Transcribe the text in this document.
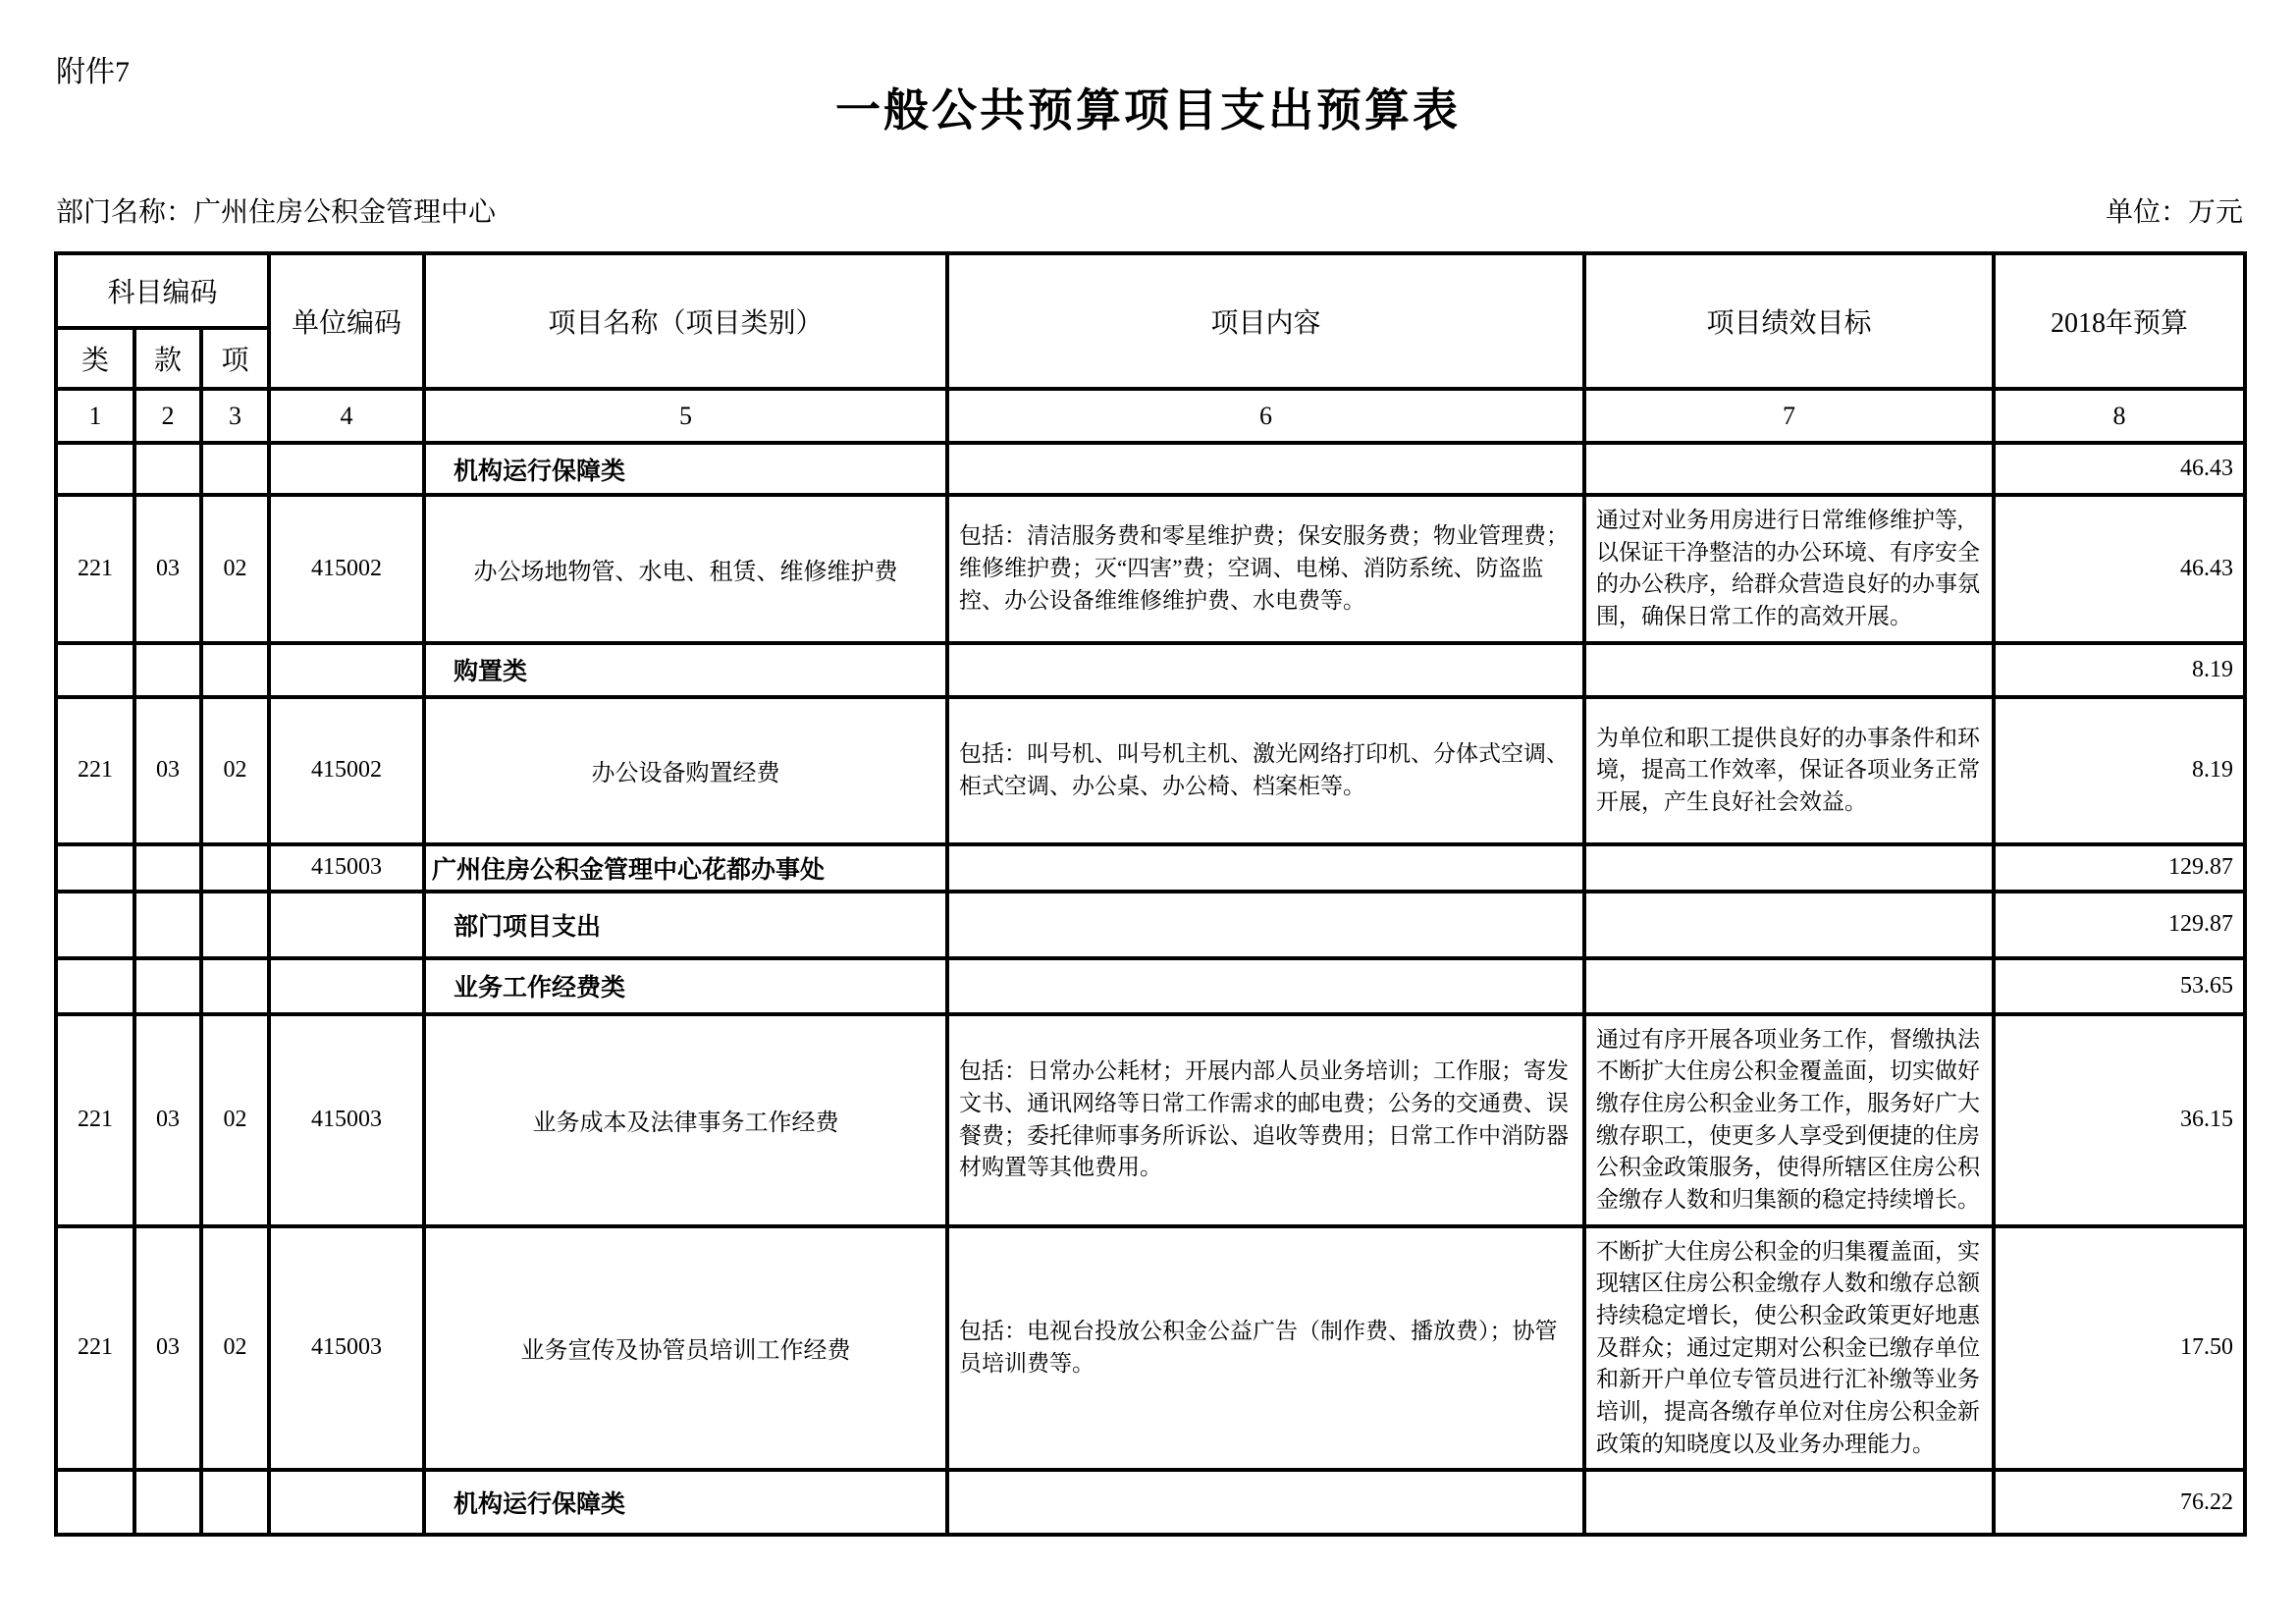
附件7
一般公共预算项目支出预算表
部门名称：广州住房公积金管理中心	单位：万元
科目编码			单位编码	项目名称（项目类别）	项目内容	项目绩效目标	2018年预算
类	款	项					
1	2	3	4	5	6	7	8
				机构运行保障类			46.43
221	03	02	415002	办公场地物管、水电、租赁、维修维护费	包括：清洁服务费和零星维护费；保安服务费；物业管理费；维修维护费；灭“四害”费；空调、电梯、消防系统、防盗监控、办公设备维维修维护费、水电费等。	通过对业务用房进行日常维修维护等,以保证干净整洁的办公环境、有序安全的办公秩序，给群众营造良好的办事氛围，确保日常工作的高效开展。	46.43
				购置类			8.19
221	03	02	415002	办公设备购置经费	包括：叫号机、叫号机主机、激光网络打印机、分体式空调、柜式空调、办公桌、办公椅、档案柜等。	为单位和职工提供良好的办事条件和环境，提高工作效率，保证各项业务正常开展，产生良好社会效益。	8.19
			415003	广州住房公积金管理中心花都办事处			129.87
				部门项目支出			129.87
				业务工作经费类			53.65
221	03	02	415003	业务成本及法律事务工作经费	包括：日常办公耗材；开展内部人员业务培训；工作服；寄发文书、通讯网络等日常工作需求的邮电费；公务的交通费、误餐费；委托律师事务所诉讼、追收等费用；日常工作中消防器材购置等其他费用。	通过有序开展各项业务工作，督缴执法不断扩大住房公积金覆盖面，切实做好缴存住房公积金业务工作，服务好广大缴存职工，使更多人享受到便捷的住房公积金政策服务，使得所辖区住房公积金缴存人数和归集额的稳定持续增长。	36.15
221	03	02	415003	业务宣传及协管员培训工作经费	包括：电视台投放公积金公益广告（制作费、播放费）；协管员培训费等。	不断扩大住房公积金的归集覆盖面，实现辖区住房公积金缴存人数和缴存总额持续稳定增长，使公积金政策更好地惠及群众；通过定期对公积金已缴存单位和新开户单位专管员进行汇补缴等业务培训，提高各缴存单位对住房公积金新政策的知晓度以及业务办理能力。	17.50
				机构运行保障类			76.22
